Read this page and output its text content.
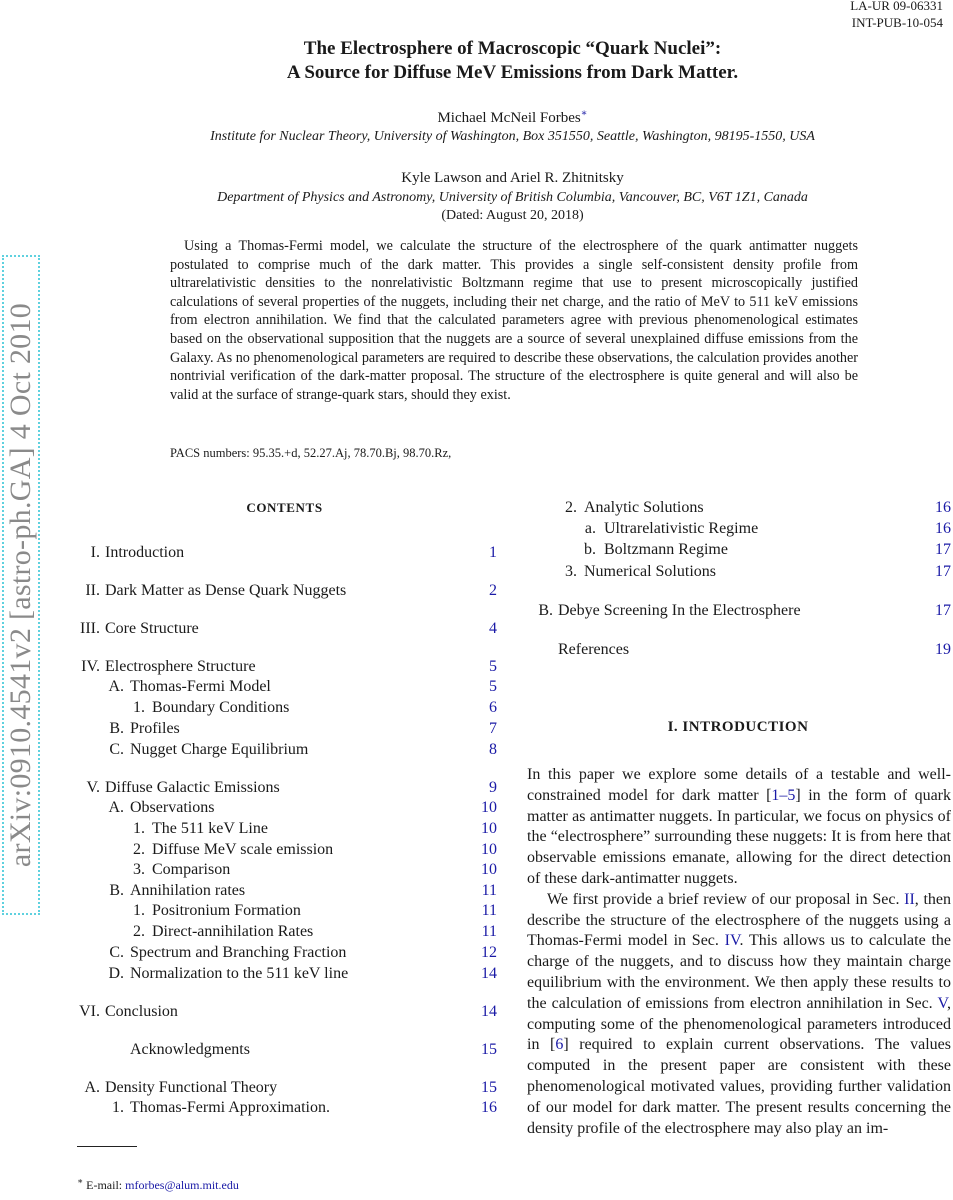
LA-UR 09-06331
INT-PUB-10-054
The Electrosphere of Macroscopic “Quark Nuclei”:
A Source for Diffuse MeV Emissions from Dark Matter.
Michael McNeil Forbes∗
Institute for Nuclear Theory, University of Washington, Box 351550, Seattle, Washington, 98195-1550, USA
Kyle Lawson and Ariel R. Zhitnitsky
Department of Physics and Astronomy, University of British Columbia, Vancouver, BC, V6T 1Z1, Canada
(Dated: August 20, 2018)
Using a Thomas-Fermi model, we calculate the structure of the electrosphere of the quark antimatter nuggets postulated to comprise much of the dark matter. This provides a single self-consistent density profile from ultrarelativistic densities to the nonrelativistic Boltzmann regime that use to present microscopically justified calculations of several properties of the nuggets, including their net charge, and the ratio of MeV to 511 keV emissions from electron annihilation. We find that the calculated parameters agree with previous phenomenological estimates based on the observational supposition that the nuggets are a source of several unexplained diffuse emissions from the Galaxy. As no phenomenological parameters are required to describe these observations, the calculation provides another nontrivial verification of the dark-matter proposal. The structure of the electrosphere is quite general and will also be valid at the surface of strange-quark stars, should they exist.
PACS numbers: 95.35.+d, 52.27.Aj, 78.70.Bj, 98.70.Rz,
arXiv:0910.4541v2 [astro-ph.GA] 4 Oct 2010	CONTENTS
I. Introduction	1
II. Dark Matter as Dense Quark Nuggets	2
III. Core Structure	4
IV. Electrosphere Structure	5
A. Thomas-Fermi Model	5
1. Boundary Conditions	6
B. Profiles	7
C. Nugget Charge Equilibrium	8
V. Diffuse Galactic Emissions	9
A. Observations	10
1. The 511 keV Line	10
2. Diffuse MeV scale emission	10
3. Comparison	10
B. Annihilation rates	11
1. Positronium Formation	11
2. Direct-annihilation Rates	11
C. Spectrum and Branching Fraction	12
D. Normalization to the 511 keV line	14
VI. Conclusion	14
Acknowledgments	15
A. Density Functional Theory	15
1. Thomas-Fermi Approximation.	16
2. Analytic Solutions	16
a. Ultrarelativistic Regime	16
b. Boltzmann Regime	17
3. Numerical Solutions	17
B. Debye Screening In the Electrosphere	17
References	19
I. INTRODUCTION

In this paper we explore some details of a testable and well-constrained model for dark matter [1–5] in the form of quark matter as antimatter nuggets. In particular, we focus on physics of the “electrosphere” surrounding these nuggets: It is from here that observable emissions emanate, allowing for the direct detection of these dark-antimatter nuggets.

We first provide a brief review of our proposal in Sec. II, then describe the structure of the electrosphere of the nuggets using a Thomas-Fermi model in Sec. IV. This allows us to calculate the charge of the nuggets, and to discuss how they maintain charge equilibrium with the environment. We then apply these results to the calculation of emissions from electron annihilation in Sec. V, computing some of the phenomenological parameters introduced in [6] required to explain current observations. The values computed in the present paper are consistent with these phenomenological motivated values, providing further validation of our model for dark matter. The present results concerning the density profile of the electrosphere may also play an im-

∗ E-mail: mforbes@alum.mit.edu
